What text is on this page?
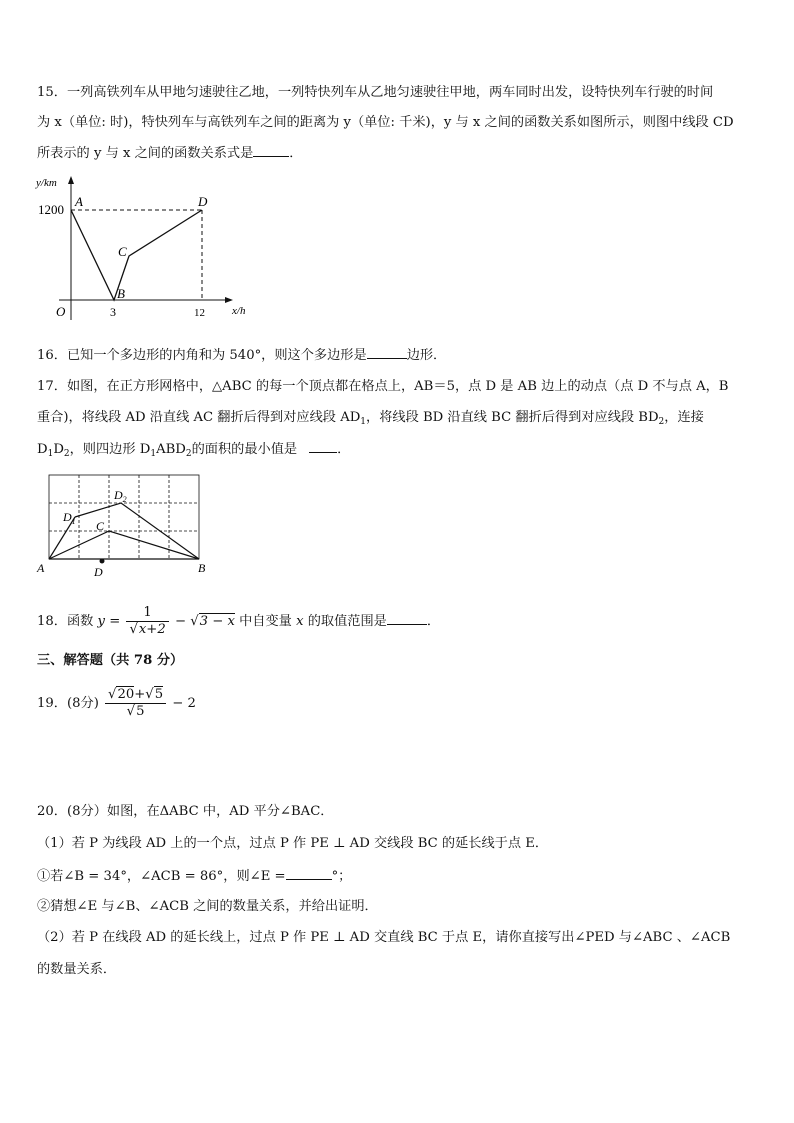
15．一列高铁列车从甲地匀速驶往乙地，一列特快列车从乙地匀速驶往甲地，两车同时出发，设特快列车行驶的时间
为 x（单位: 时)，特快列车与高铁列车之间的距离为 y（单位: 千米)，y 与 x 之间的函数关系如图所示，则图中线段 CD
所表示的 y 与 x 之间的函数关系式是	．
y/km
x/h
1200
O	3	12
A
B
C
D
16．已知一个多边形的内角和为 540°，则这个多边形是	边形．
17．如图，在正方形网格中，△ABC 的每一个顶点都在格点上，AB＝5，点 D 是 AB 边上的动点（点 D 不与点 A，B
重合)，将线段 AD 沿直线 AC 翻折后得到对应线段 $AD_1$，将线段 BD 沿直线 BC 翻折后得到对应线段 $BD_2$，连接
$D_1D_2$，则四边形 $D_1ABD_2$的面积的最小值是	．
A	B
C
D
$D_1$
$D_2$
18．函数 $y = \frac{1}{√x+2} - √3 - x$ 中自变量 x 的取值范围是	．
三、解答题（共 78 分）
19．(8分) $\frac{√20+√5}{√5} - 2$
20．(8分）如图，在ΔABC 中，AD 平分∠BAC．
（1）若 P 为线段 AD 上的一个点，过点 P 作 PE ⊥ AD 交线段 BC 的延长线于点 E．
①若∠B = 34°，∠ACB = 86°，则∠E =	°；
②猜想∠E 与∠B、∠ACB 之间的数量关系，并给出证明．
（2）若 P 在线段 AD 的延长线上，过点 P 作 PE ⊥ AD 交直线 BC 于点 E，请你直接写出∠PED 与∠ABC 、∠ACB
的数量关系．
